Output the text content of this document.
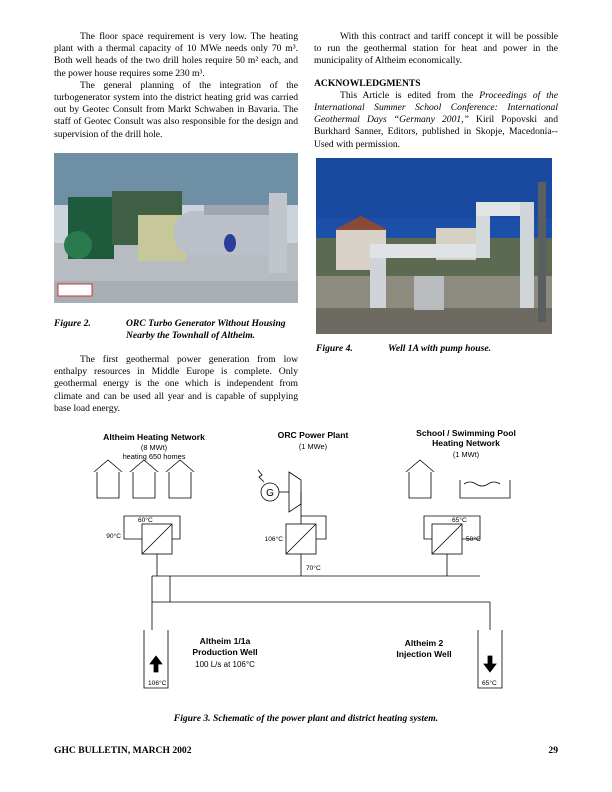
The floor space requirement is very low. The heating plant with a thermal capacity of 10 MWe needs only 70 m³. Both well heads of the two drill holes require 50 m² each, and the power house requires some 230 m³.

The general planning of the integration of the turbogenerator system into the district heating grid was carried out by Geotec Consult from Markt Schwaben in Bavaria. The staff of Geotec Consult was also responsible for the design and supervision of the drill hole.

With this contract and tariff concept it will be possible to run the geothermal station for heat and power in the municipality of Altheim economically.

ACKNOWLEDGMENTS

This Article is edited from the Proceedings of the International Summer School Conference: International Geothermal Days “Germany 2001,” Kiril Popovski and Burkhard Sanner, Editors, published in Skopje, Macedonia--Used with permission.

Figure 2.	ORC Turbo Generator Without Housing Nearby the Townhall of Altheim.

The first geothermal power generation from low enthalpy resources in Middle Europe is complete. Only geothermal energy is the one which is independent from climate and can be used all year and is capable of supplying base load energy.

Figure 4.	Well 1A with pump house.
Altheim Heating Network
(8 MWt)
heating 650 homes
ORC Power Plant
(1 MWe)
School / Swimming Pool
Heating Network
(1 MWt)
G
60°C
90°C	106°C
70°C
65°C
50°C
106°C	65°C
Altheim 1/1a
Production Well
100 L/s at 106°C
Altheim 2
Injection Well
Figure 3. Schematic of the power plant and district heating system.
GHC BULLETIN, MARCH 2002	29
